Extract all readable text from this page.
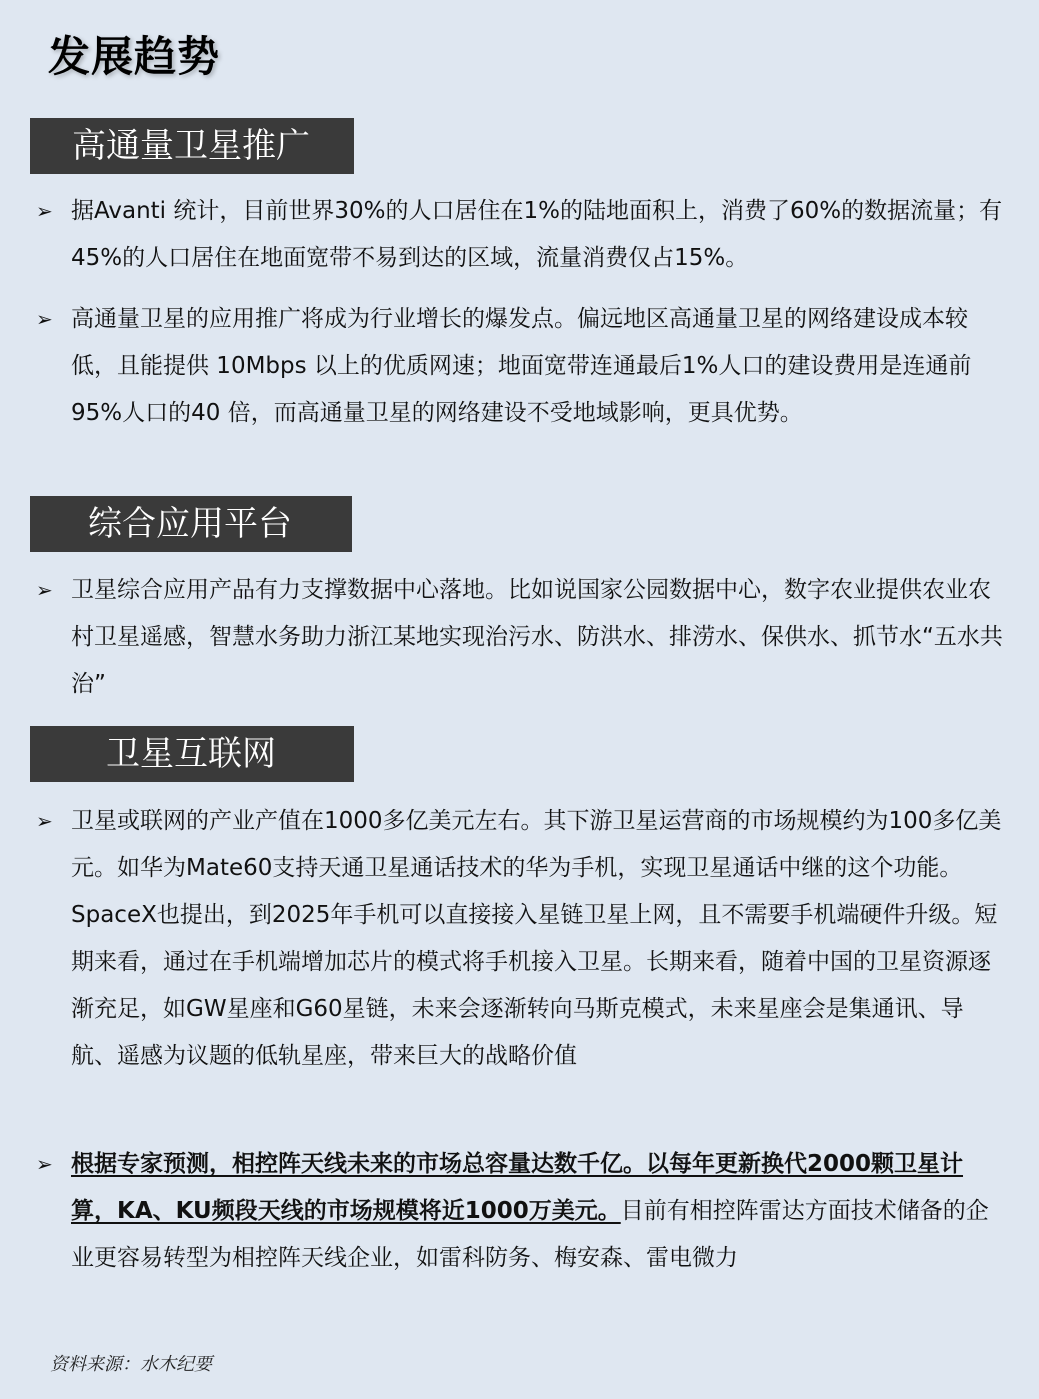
发展趋势
高通量卫星推广
➢ 据Avanti 统计，目前世界30%的人口居住在1%的陆地面积上，消费了60%的数据流量；有45%的人口居住在地面宽带不易到达的区域，流量消费仅占15%。
➢ 高通量卫星的应用推广将成为行业增长的爆发点。偏远地区高通量卫星的网络建设成本较低，且能提供 10Mbps 以上的优质网速；地面宽带连通最后1%人口的建设费用是连通前95%人口的40 倍，而高通量卫星的网络建设不受地域影响，更具优势。
综合应用平台
➢ 卫星综合应用产品有力支撑数据中心落地。比如说国家公园数据中心，数字农业提供农业农村卫星遥感，智慧水务助力浙江某地实现治污水、防洪水、排涝水、保供水、抓节水“五水共治”
卫星互联网
➢ 卫星或联网的产业产值在1000多亿美元左右。其下游卫星运营商的市场规模约为100多亿美元。如华为Mate60支持天通卫星通话技术的华为手机，实现卫星通话中继的这个功能。SpaceX也提出，到2025年手机可以直接接入星链卫星上网，且不需要手机端硬件升级。短期来看，通过在手机端增加芯片的模式将手机接入卫星。长期来看，随着中国的卫星资源逐渐充足，如GW星座和G60星链，未来会逐渐转向马斯克模式，未来星座会是集通讯、导航、遥感为议题的低轨星座，带来巨大的战略价值
➢ 根据专家预测，相控阵天线未来的市场总容量达数千亿。以每年更新换代2000颗卫星计算，KA、KU频段天线的市场规模将近1000万美元。目前有相控阵雷达方面技术储备的企业更容易转型为相控阵天线企业，如雷科防务、梅安森、雷电微力
资料来源：水木纪要
